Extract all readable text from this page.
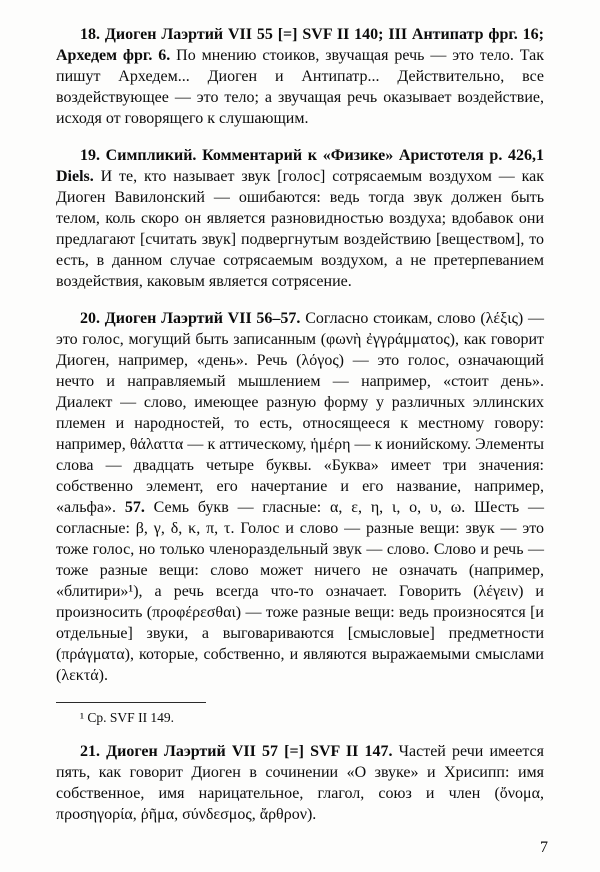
18. Диоген Лаэртий VII 55 [=] SVF II 140; III Антипатр фрг. 16; Архедем фрг. 6. По мнению стоиков, звучащая речь — это тело. Так пишут Архедем... Диоген и Антипатр... Действительно, все воздействующее — это тело; а звучащая речь оказывает воздействие, исходя от говорящего к слушающим.

19. Симпликий. Комментарий к «Физике» Аристотеля p. 426,1 Diels. И те, кто называет звук [голос] сотрясаемым воздухом — как Диоген Вавилонский — ошибаются: ведь тогда звук должен быть телом, коль скоро он является разновидностью воздуха; вдобавок они предлагают [считать звук] подвергнутым воздействию [веществом], то есть, в данном случае сотрясаемым воздухом, а не претерпеванием воздействия, каковым является сотрясение.

20. Диоген Лаэртий VII 56–57. Согласно стоикам, слово (λέξις) — это голос, могущий быть записанным (φωνὴ ἐγγράμματος), как говорит Диоген, например, «день». Речь (λόγος) — это голос, означающий нечто и направляемый мышлением — например, «стоит день». Диалект — слово, имеющее разную форму у различных эллинских племен и народностей, то есть, относящееся к местному говору: например, θάλαττα — к аттическому, ἡμέρη — к ионийскому. Элементы слова — двадцать четыре буквы. «Буква» имеет три значения: собственно элемент, его начертание и его название, например, «альфа». 57. Семь букв — гласные: α, ε, η, ι, ο, υ, ω. Шесть — согласные: β, γ, δ, κ, π, τ. Голос и слово — разные вещи: звук — это тоже голос, но только членораздельный звук — слово. Слово и речь — тоже разные вещи: слово может ничего не означать (например, «блитири»¹), а речь всегда что-то означает. Говорить (λέγειν) и произносить (προφέρεσθαι) — тоже разные вещи: ведь произносятся [и отдельные] звуки, а выговариваются [смысловые] предметности (πράγματα), которые, собственно, и являются выражаемыми смыслами (λεκτά).

¹ Ср. SVF II 149.

21. Диоген Лаэртий VII 57 [=] SVF II 147. Частей речи имеется пять, как говорит Диоген в сочинении «О звуке» и Хрисипп: имя собственное, имя нарицательное, глагол, союз и член (ὄνομα, προσηγορία, ῥῆμα, σύνδεσμος, ἄρθρον).

7
